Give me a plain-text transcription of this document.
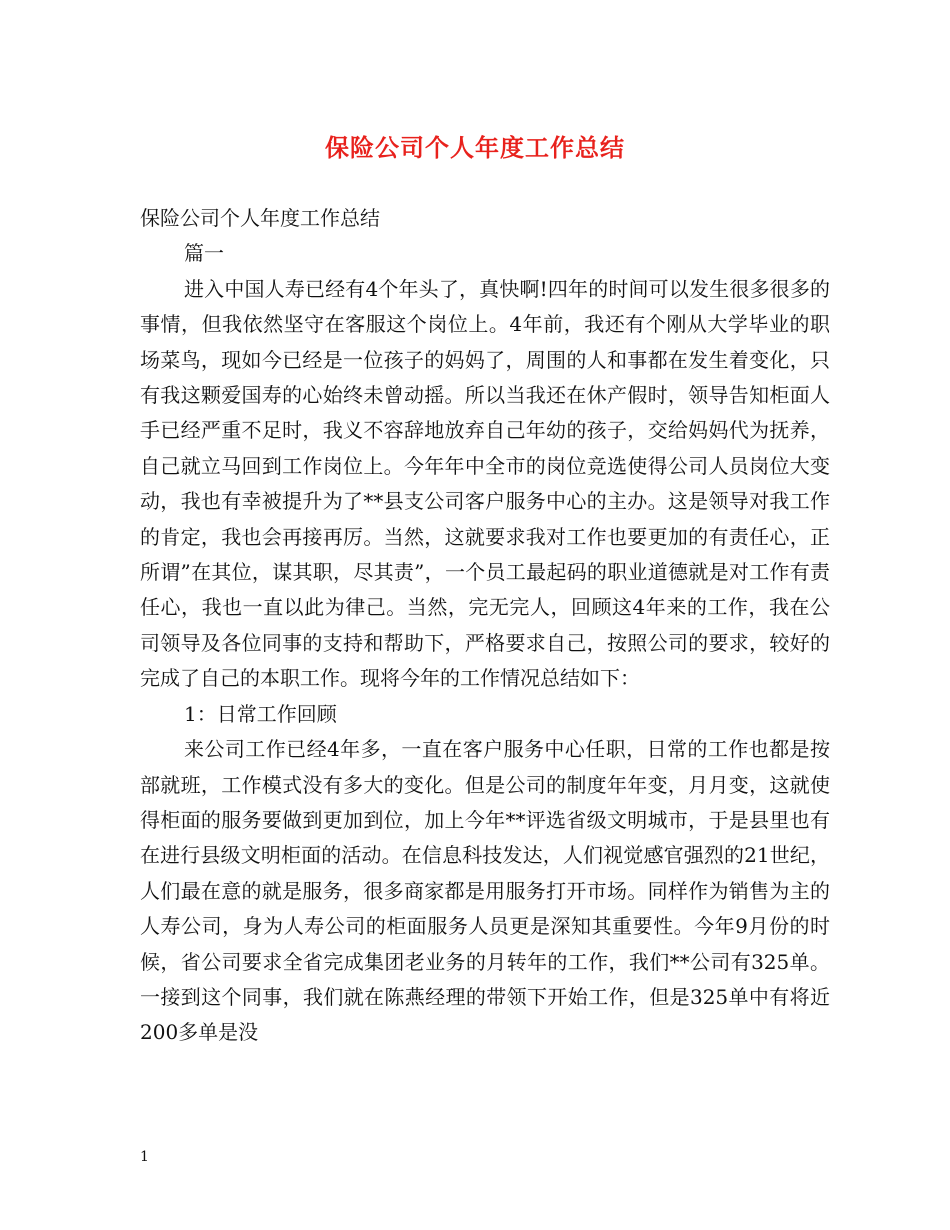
保险公司个人年度工作总结

保险公司个人年度工作总结

篇一

进入中国人寿已经有4个年头了，真快啊!四年的时间可以发生很多很多的事情，但我依然坚守在客服这个岗位上。4年前，我还有个刚从大学毕业的职场菜鸟，现如今已经是一位孩子的妈妈了，周围的人和事都在发生着变化，只有我这颗爱国寿的心始终未曾动摇。所以当我还在休产假时，领导告知柜面人手已经严重不足时，我义不容辞地放弃自己年幼的孩子，交给妈妈代为抚养，自己就立马回到工作岗位上。今年年中全市的岗位竞选使得公司人员岗位大变动，我也有幸被提升为了**县支公司客户服务中心的主办。这是领导对我工作的肯定，我也会再接再厉。当然，这就要求我对工作也要更加的有责任心，正所谓”在其位，谋其职，尽其责”，一个员工最起码的职业道德就是对工作有责任心，我也一直以此为律己。当然，完无完人，回顾这4年来的工作，我在公司领导及各位同事的支持和帮助下，严格要求自己，按照公司的要求，较好的完成了自己的本职工作。现将今年的工作情况总结如下：

1：日常工作回顾

来公司工作已经4年多，一直在客户服务中心任职，日常的工作也都是按部就班，工作模式没有多大的变化。但是公司的制度年年变，月月变，这就使得柜面的服务要做到更加到位，加上今年**评选省级文明城市，于是县里也有在进行县级文明柜面的活动。在信息科技发达，人们视觉感官强烈的21世纪，人们最在意的就是服务，很多商家都是用服务打开市场。同样作为销售为主的人寿公司，身为人寿公司的柜面服务人员更是深知其重要性。今年9月份的时候，省公司要求全省完成集团老业务的月转年的工作，我们**公司有325单。一接到这个同事，我们就在陈燕经理的带领下开始工作，但是325单中有将近200多单是没

1
